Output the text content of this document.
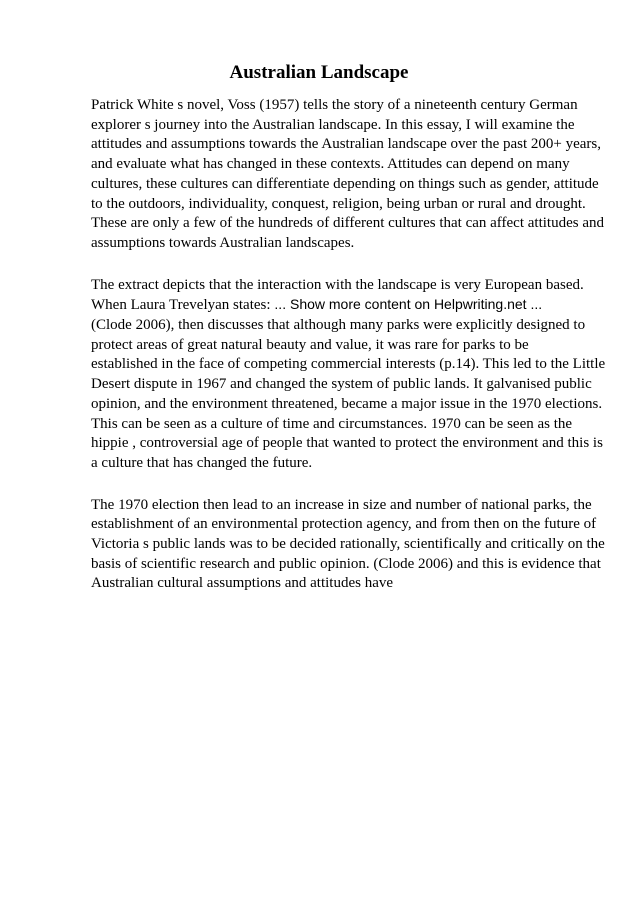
Australian Landscape

Patrick White s novel, Voss (1957) tells the story of a nineteenth century German
explorer s journey into the Australian landscape. In this essay, I will examine the
attitudes and assumptions towards the Australian landscape over the past 200+ years,
and evaluate what has changed in these contexts. Attitudes can depend on many
cultures, these cultures can differentiate depending on things such as gender, attitude
to the outdoors, individuality, conquest, religion, being urban or rural and drought.
These are only a few of the hundreds of different cultures that can affect attitudes and
assumptions towards Australian landscapes.

The extract depicts that the interaction with the landscape is very European based.
When Laura Trevelyan states: ... Show more content on Helpwriting.net ...
(Clode 2006), then discusses that although many parks were explicitly designed to
protect areas of great natural beauty and value, it was rare for parks to be
established in the face of competing commercial interests (p.14). This led to the Little
Desert dispute in 1967 and changed the system of public lands. It galvanised public
opinion, and the environment threatened, became a major issue in the 1970 elections.
This can be seen as a culture of time and circumstances. 1970 can be seen as the
hippie , controversial age of people that wanted to protect the environment and this is
a culture that has changed the future.

The 1970 election then lead to an increase in size and number of national parks, the
establishment of an environmental protection agency, and from then on the future of
Victoria s public lands was to be decided rationally, scientifically and critically on the
basis of scientific research and public opinion. (Clode 2006) and this is evidence that
Australian cultural assumptions and attitudes have
